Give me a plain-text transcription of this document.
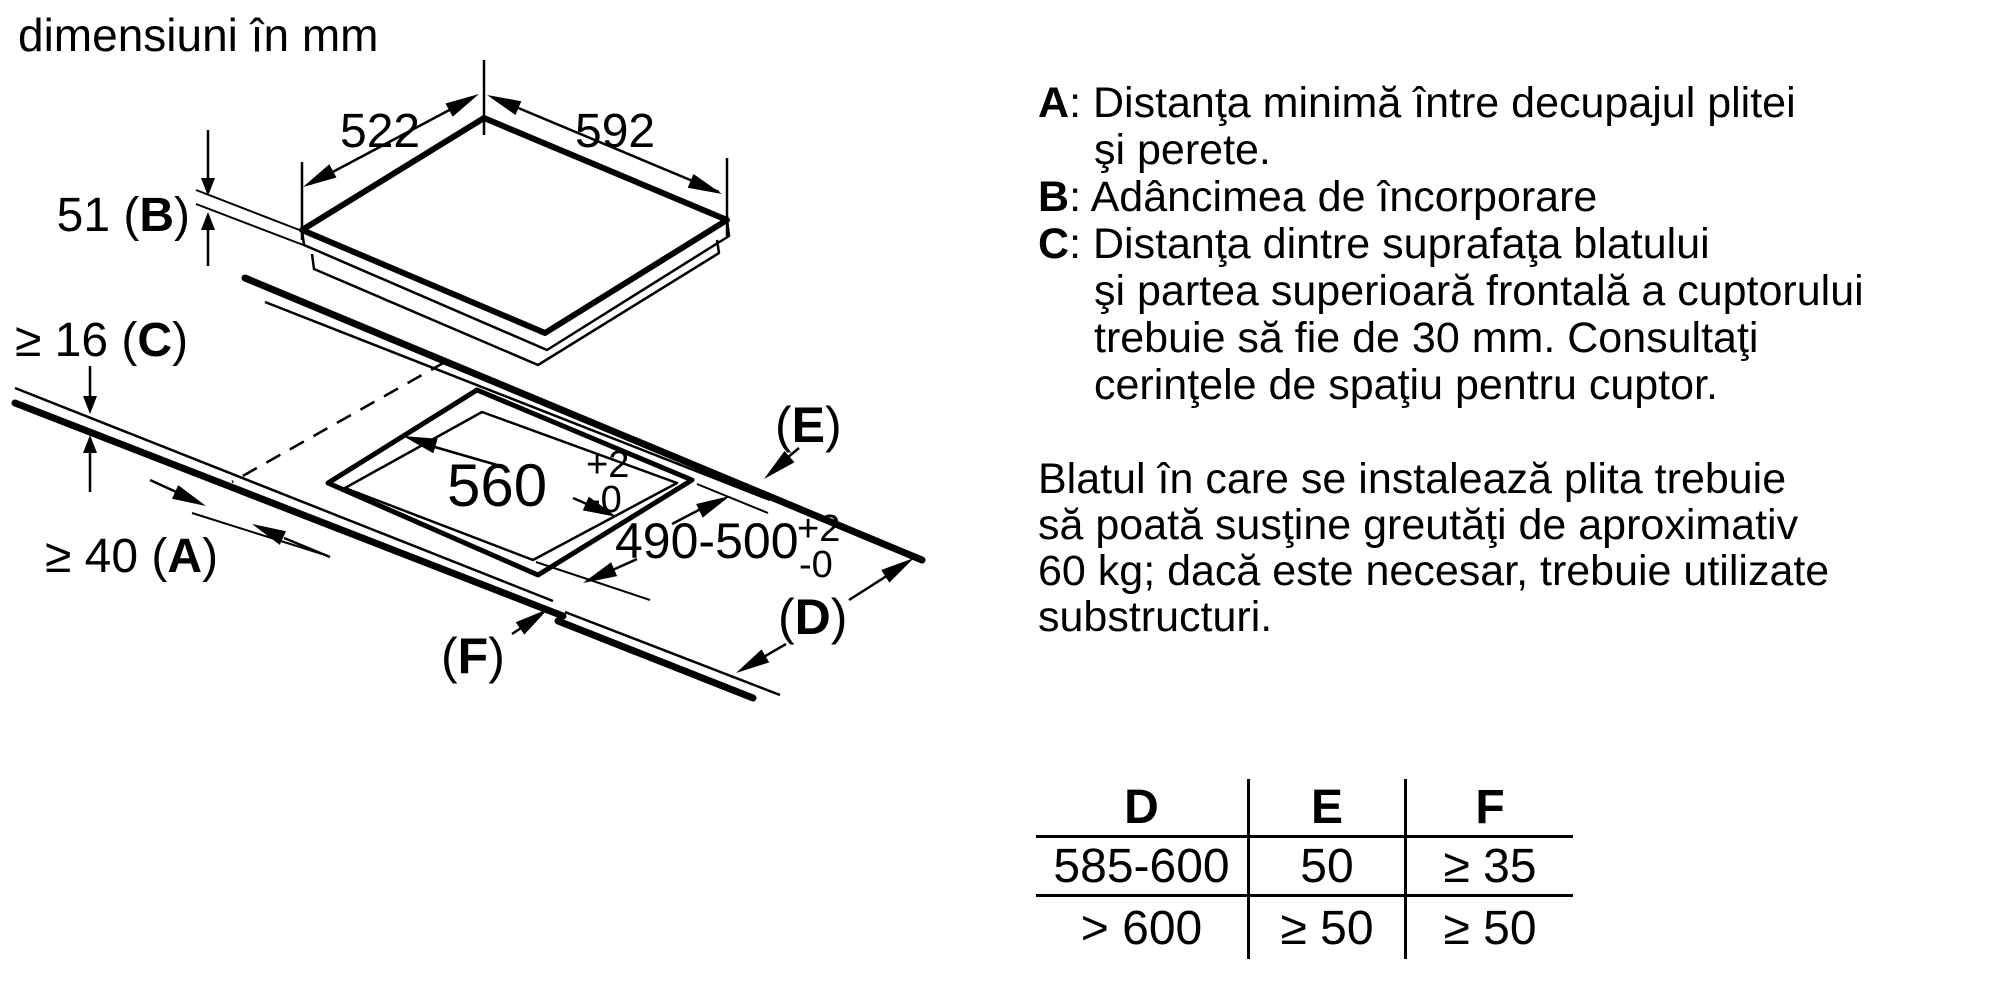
dimensiuni în mm
522	592
51 (B)
≥ 16 (C)
≥ 40 (A)
560 +2
-0
490-500
+2
-0
(E)
(D)
(F)
A: Distanţa minimă între decupajul plitei
şi perete.
B: Adâncimea de încorporare
C: Distanţa dintre suprafaţa blatului
şi partea superioară frontală a cuptorului
trebuie să fie de 30 mm. Consultaţi
cerinţele de spaţiu pentru cuptor.
Blatul în care se instalează plita trebuie
să poată susţine greutăţi de aproximativ
60 kg; dacă este necesar, trebuie utilizate
substructuri.
D	E	F
585-600	50	≥ 35
> 600	≥ 50	≥ 50
